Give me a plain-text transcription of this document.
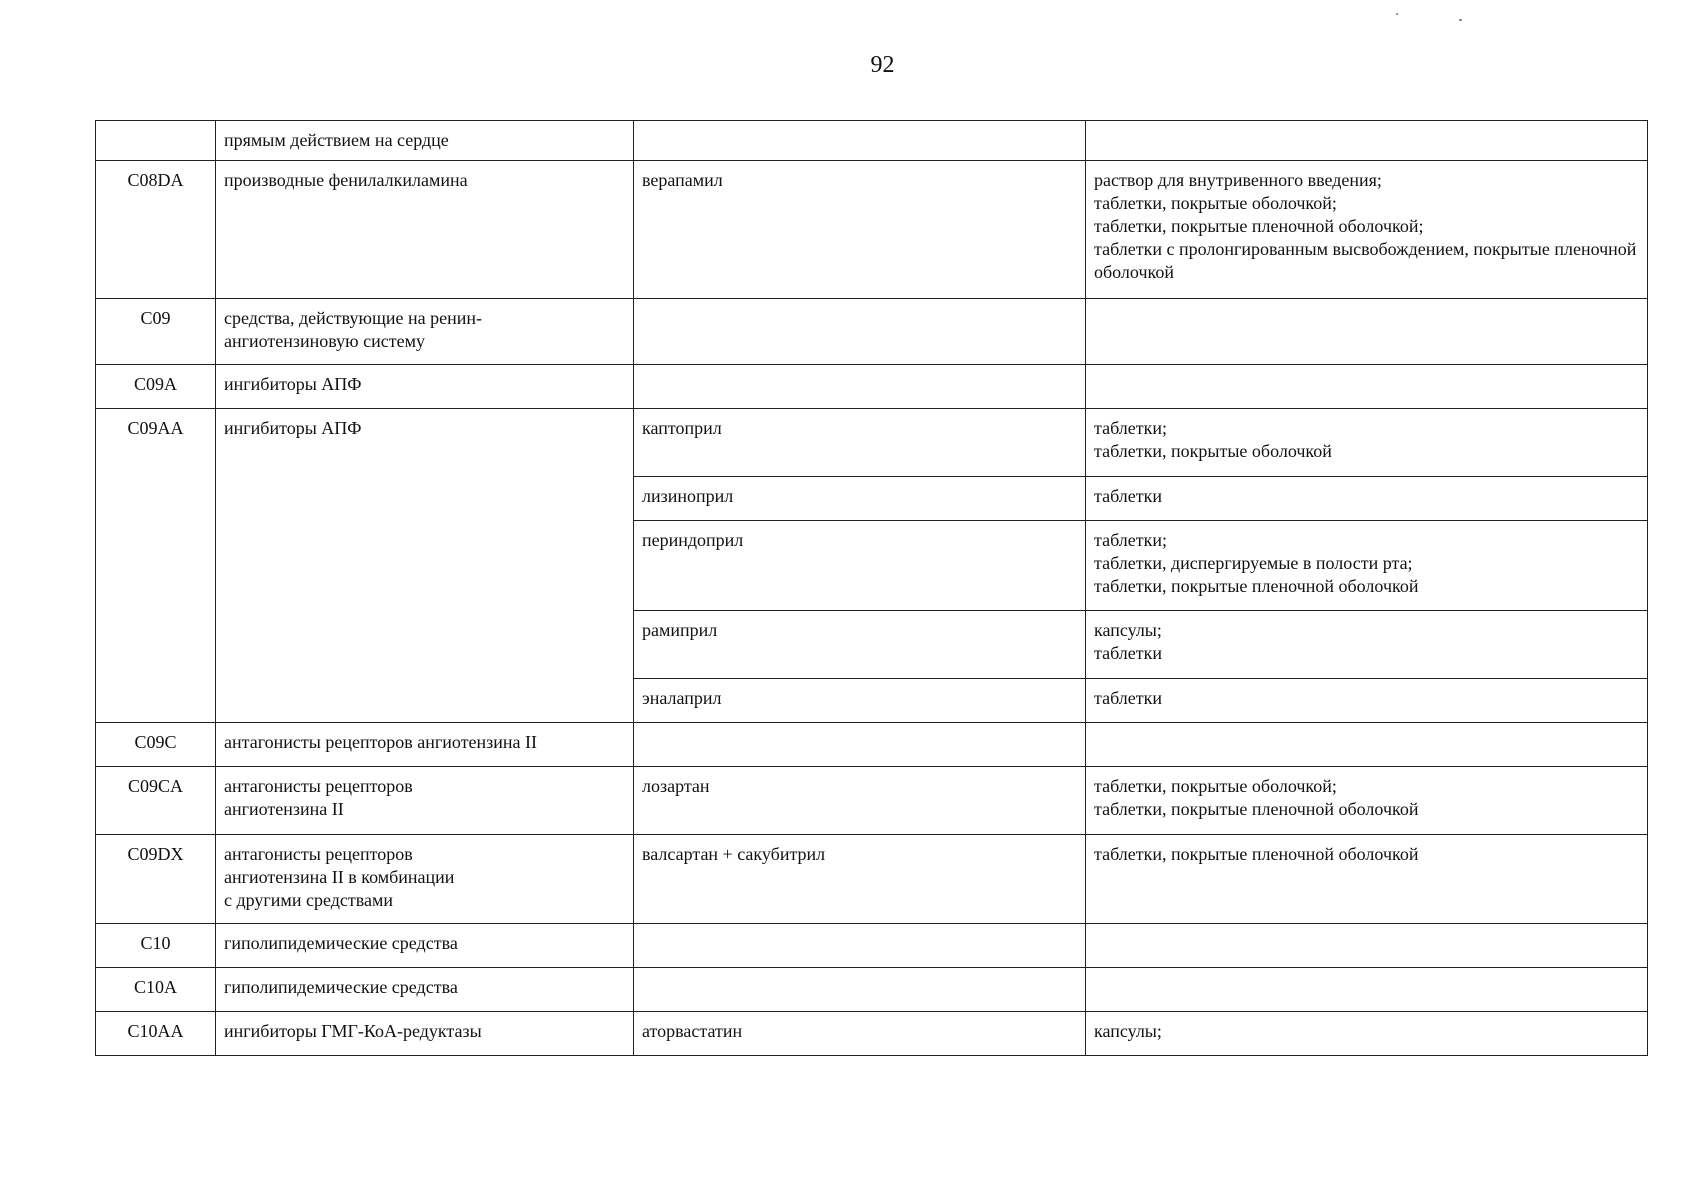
92
	прямым действием на сердце		
C08DA	производные фенилалкиламина	верапамил	раствор для внутривенного введения;
таблетки, покрытые оболочкой;
таблетки, покрытые пленочной оболочкой;
таблетки с пролонгированным высвобождением, покрытые пленочной оболочкой
C09	средства, действующие на ренин-
ангиотензиновую систему		
C09A	ингибиторы АПФ		
C09AA	ингибиторы АПФ	каптоприл	таблетки;
таблетки, покрытые оболочкой
		лизиноприл	таблетки
		периндоприл	таблетки;
таблетки, диспергируемые в полости рта;
таблетки, покрытые пленочной оболочкой
		рамиприл	капсулы;
таблетки
		эналаприл	таблетки
C09C	антагонисты рецепторов ангиотензина II		
C09CA	антагонисты рецепторов
ангиотензина II	лозартан	таблетки, покрытые оболочкой;
таблетки, покрытые пленочной оболочкой
C09DX	антагонисты рецепторов
ангиотензина II в комбинации
с другими средствами	валсартан + сакубитрил	таблетки, покрытые пленочной оболочкой
C10	гиполипидемические средства		
C10A	гиполипидемические средства		
C10AA	ингибиторы ГМГ-КоА-редуктазы	аторвастатин	капсулы;
